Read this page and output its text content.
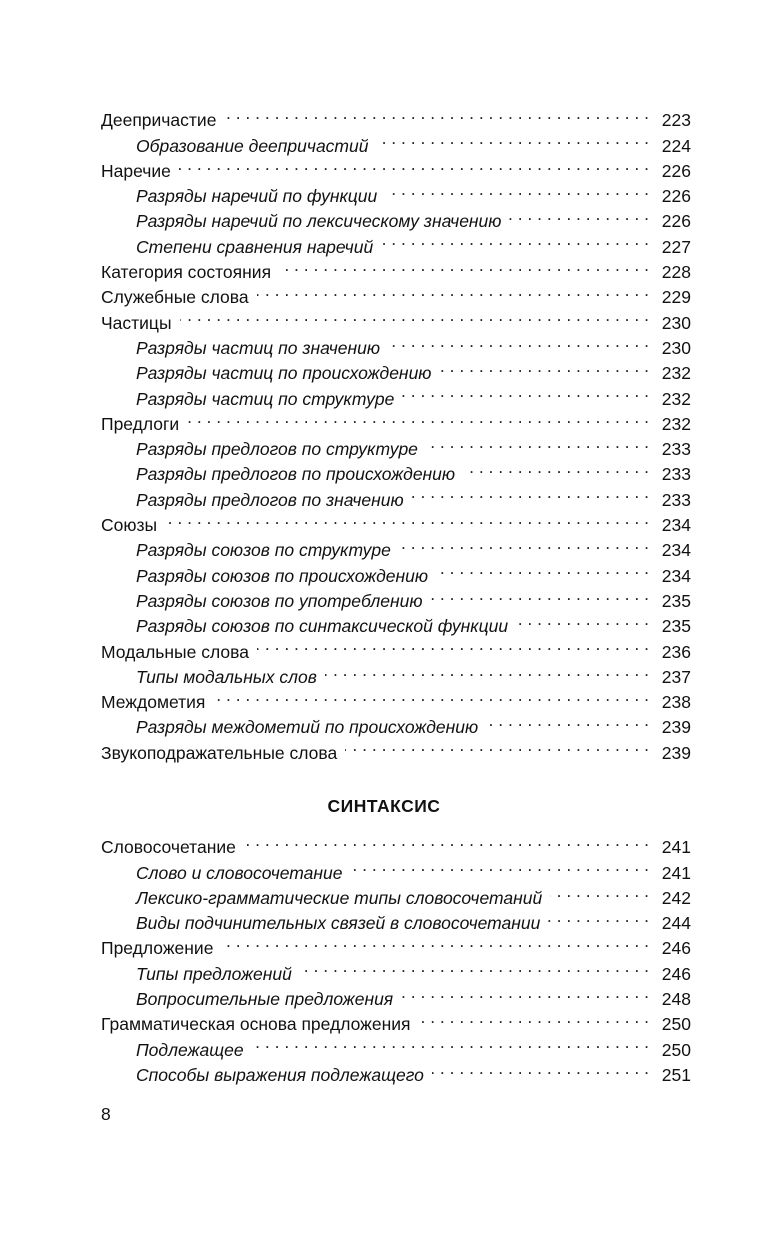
Деепричастие . . .	223
Образование деепричастий . . .	224
Наречие . . .	226
Разряды наречий по функции . . .	226
Разряды наречий по лексическому значению . . .	226
Степени сравнения наречий . . .	227
Категория состояния . . .	228
Служебные слова . . .	229
Частицы . . .	230
Разряды частиц по значению . . .	230
Разряды частиц по происхождению . . .	232
Разряды частиц по структуре . . .	232
Предлоги . . .	232
Разряды предлогов по структуре . . .	233
Разряды предлогов по происхождению . . .	233
Разряды предлогов по значению . . .	233
Союзы . . .	234
Разряды союзов по структуре . . .	234
Разряды союзов по происхождению . . .	234
Разряды союзов по употреблению . . .	235
Разряды союзов по синтаксической функции . . .	235
Модальные слова . . .	236
Типы модальных слов . . .	237
Междометия . . .	238
Разряды междометий по происхождению . . .	239
Звукоподражательные слова . . .	239
СИНТАКСИС
Словосочетание . . .	241
Слово и словосочетание . . .	241
Лексико-грамматические типы словосочетаний . . .	242
Виды подчинительных связей в словосочетании . . .	244
Предложение . . .	246
Типы предложений . . .	246
Вопросительные предложения . . .	248
Грамматическая основа предложения . . .	250
Подлежащее . . .	250
Способы выражения подлежащего . . .	251
8
